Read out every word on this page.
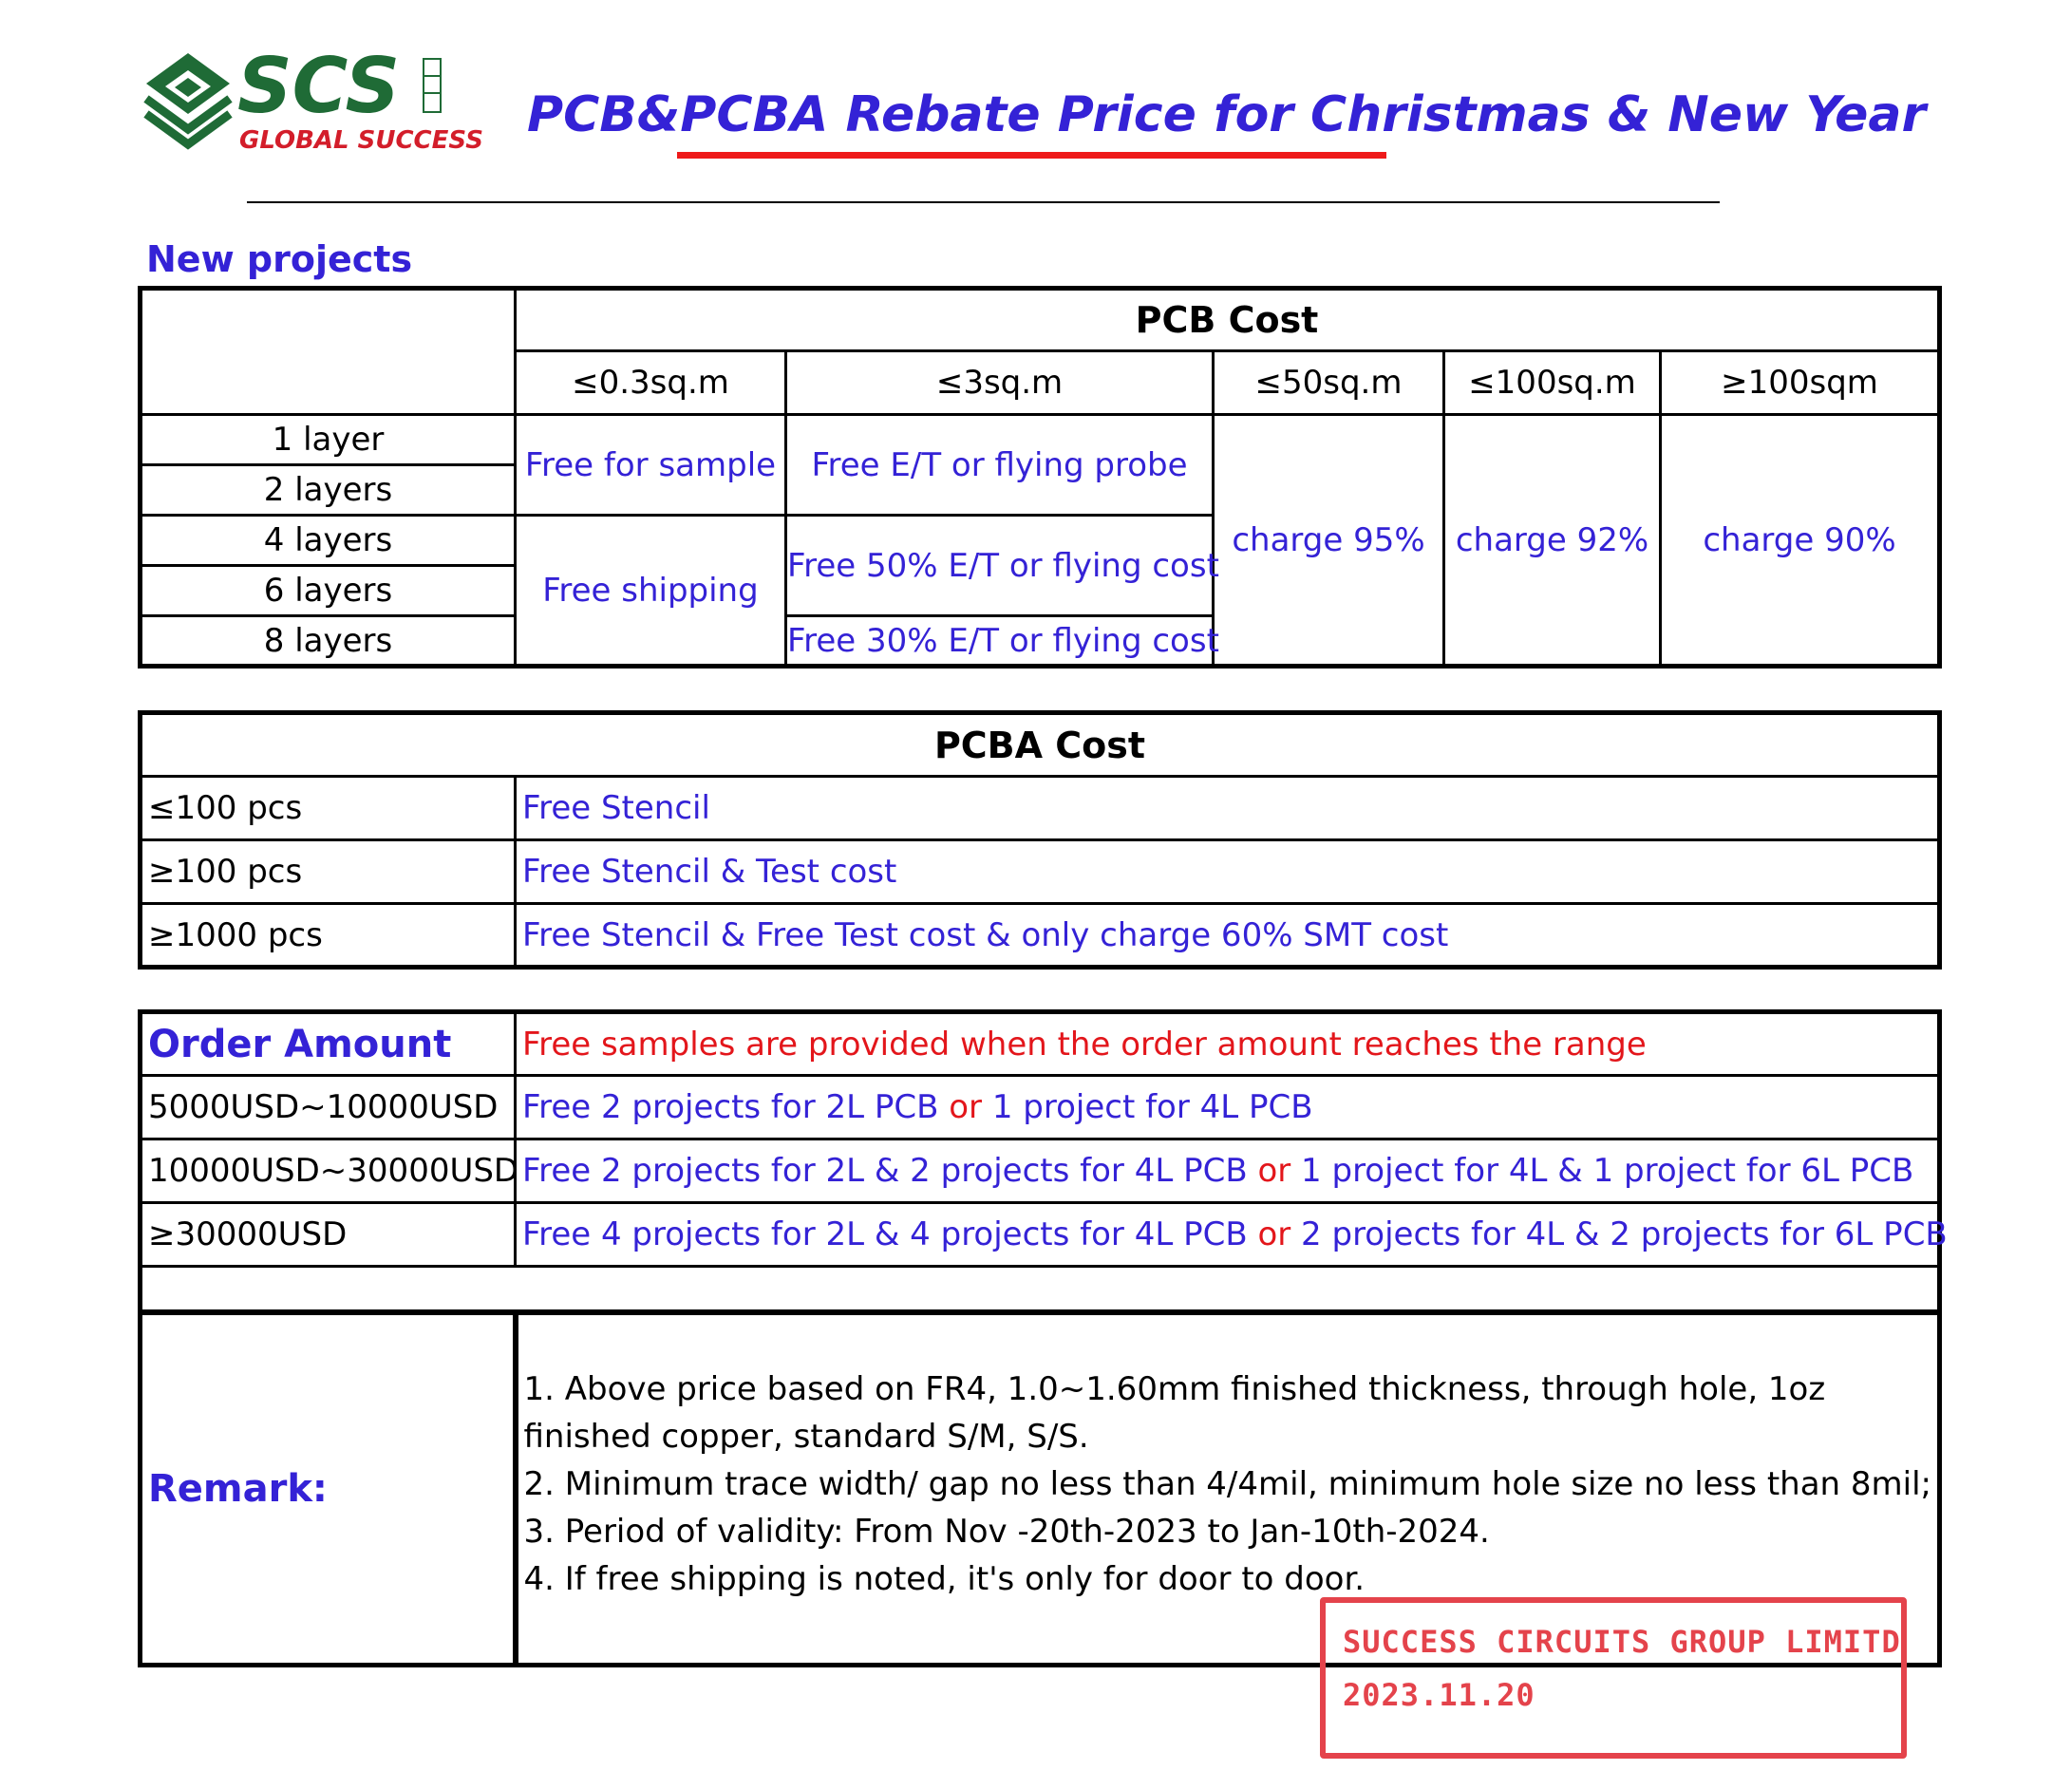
SCS
GLOBAL SUCCESS PCB&PCBA Rebate Price for Christmas & New Year
New projects
	PCB Cost				
	≤0.3sq.m	≤3sq.m	≤50sq.m	≤100sq.m	≥100sqm
1 layer	Free for sample	Free E/T or flying probe	charge 95%	charge 92%	charge 90%
2 layers					
4 layers	Free shipping	Free 50% E/T or flying cost			
6 layers					
8 layers		Free 30% E/T or flying cost			
PCBA Cost	
≤100 pcs	Free Stencil
≥100 pcs	Free Stencil & Test cost
≥1000 pcs	Free Stencil & Free Test cost & only charge 60% SMT cost
Order Amount	Free samples are provided when the order amount reaches the range
5000USD~10000USD	Free 2 projects for 2L PCB or 1 project for 4L PCB
10000USD~30000USD	Free 2 projects for 2L & 2 projects for 4L PCB or 1 project for 4L & 1 project for 6L PCB
≥30000USD	Free 4 projects for 2L & 4 projects for 4L PCB or 2 projects for 4L & 2 projects for 6L PCB

Remark:	1. Above price based on FR4, 1.0~1.60mm finished thickness, through hole, 1oz finished copper, standard S/M, S/S.
2. Minimum trace width/ gap no less than 4/4mil, minimum hole size no less than 8mil;
3. Period of validity: From Nov -20th-2023 to Jan-10th-2024.
4. If free shipping is noted, it's only for door to door.
SUCCESS CIRCUITS GROUP LIMITD
2023.11.20
